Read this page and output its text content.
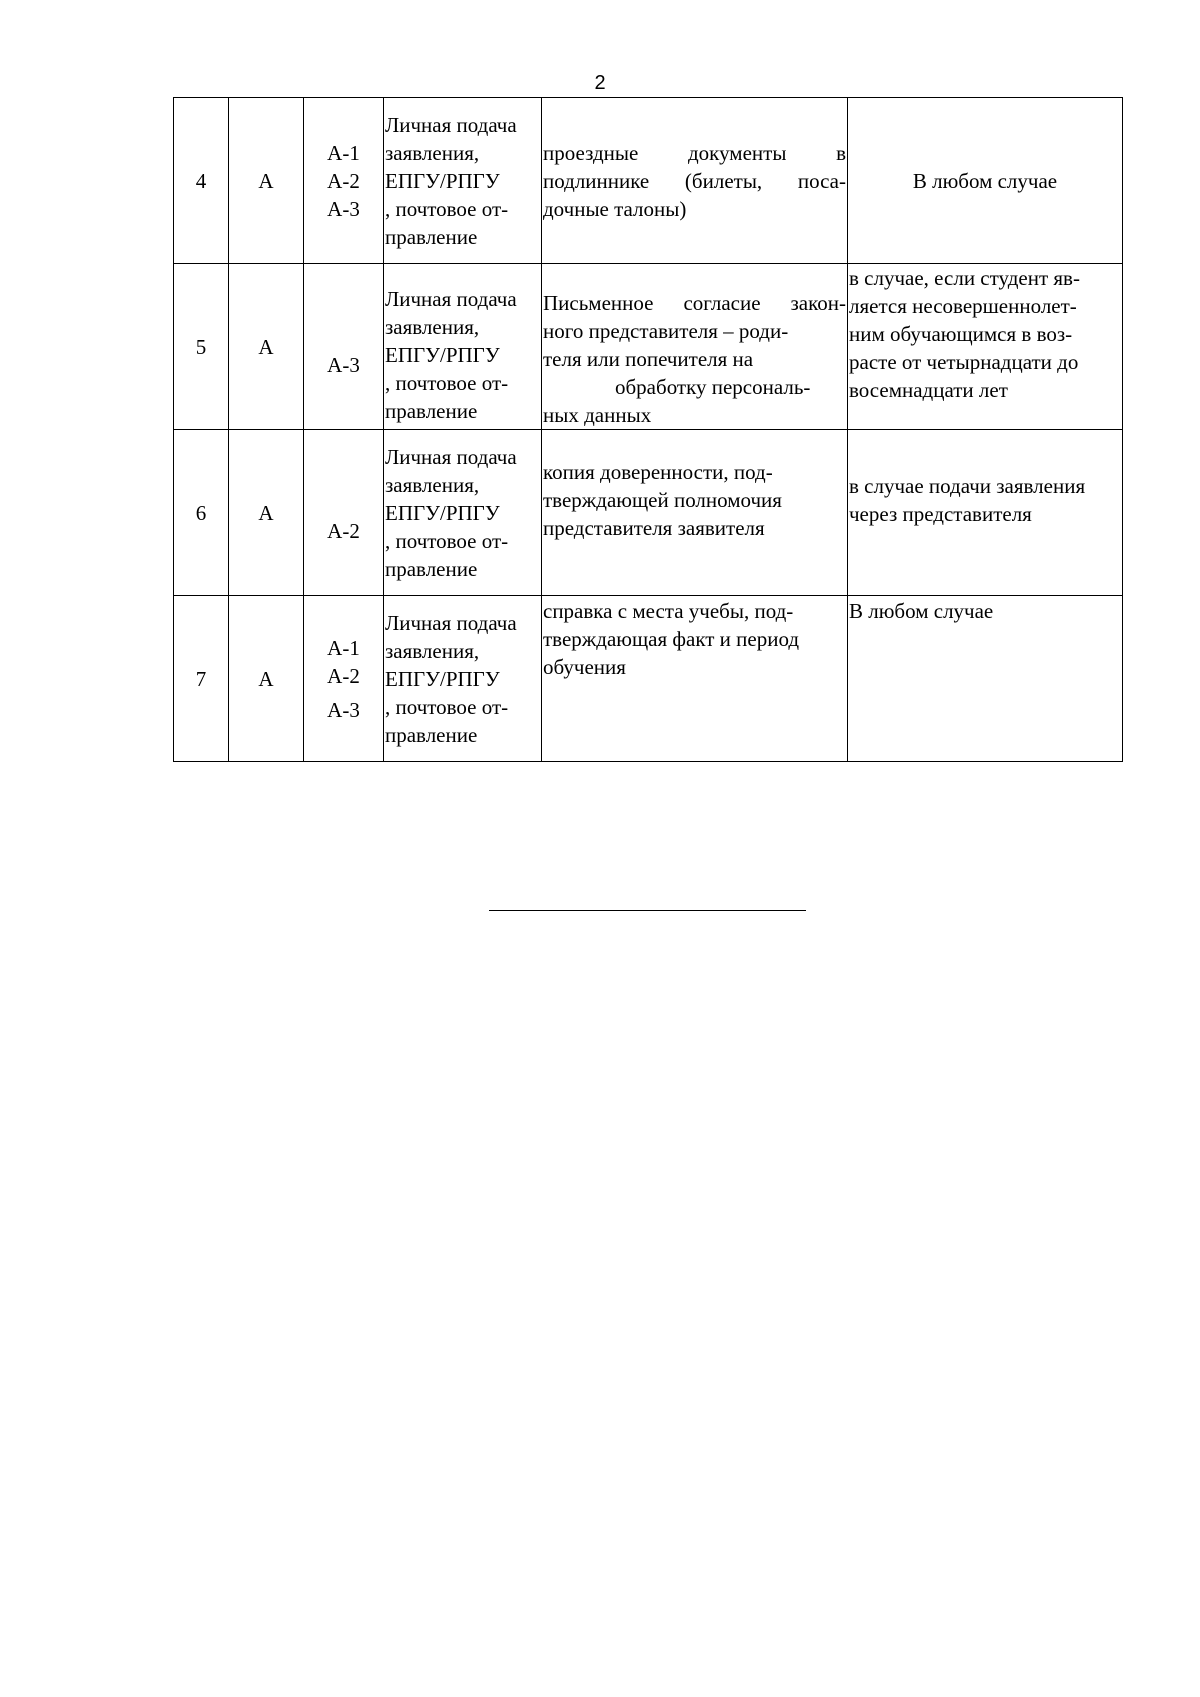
2
4	А	А-1
А-2
А-3	Личная подача
заявления,
ЕПГУ/РПГУ
, почтовое от-
правление	проездные документы в
подлиннике (билеты, поса-
дочные талоны)	В любом случае

5	А	А-3	Личная подача
заявления,
ЕПГУ/РПГУ
, почтовое от-
правление	Письменное согласие закон-
ного представителя – роди-
теля или попечителя на
обработку персональ-
ных данных	в случае, если студент яв-
ляется несовершеннолет-
ним обучающимся в воз-
расте от четырнадцати до
восемнадцати лет

6	А	А-2	Личная подача
заявления,
ЕПГУ/РПГУ
, почтовое от-
правление	копия доверенности, под-
тверждающей полномочия
представителя заявителя	в случае подачи заявления
через представителя

7	А	А-1
А-2
А-3	Личная подача
заявления,
ЕПГУ/РПГУ
, почтовое от-
правление	справка с места учебы, под-
тверждающая факт и период
обучения	В любом случае
